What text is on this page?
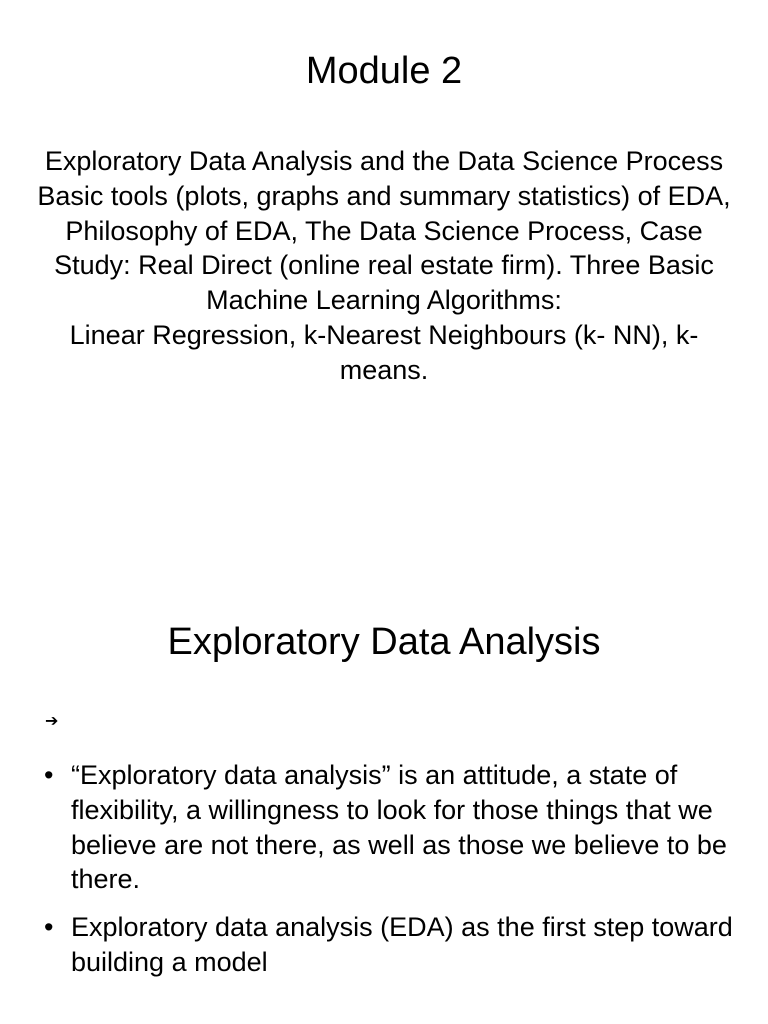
Module 2

Exploratory Data Analysis and the Data Science Process

Basic tools (plots, graphs and summary statistics) of EDA, Philosophy of EDA, The Data Science Process, Case Study: Real Direct (online real estate firm). Three Basic Machine Learning Algorithms:

Linear Regression, k-Nearest Neighbours (k- NN), k-means.

Exploratory Data Analysis
➔
• “Exploratory data analysis” is an attitude, a state of flexibility, a willingness to look for those things that we believe are not there, as well as those we believe to be there.
• Exploratory data analysis (EDA) as the first step toward building a model
